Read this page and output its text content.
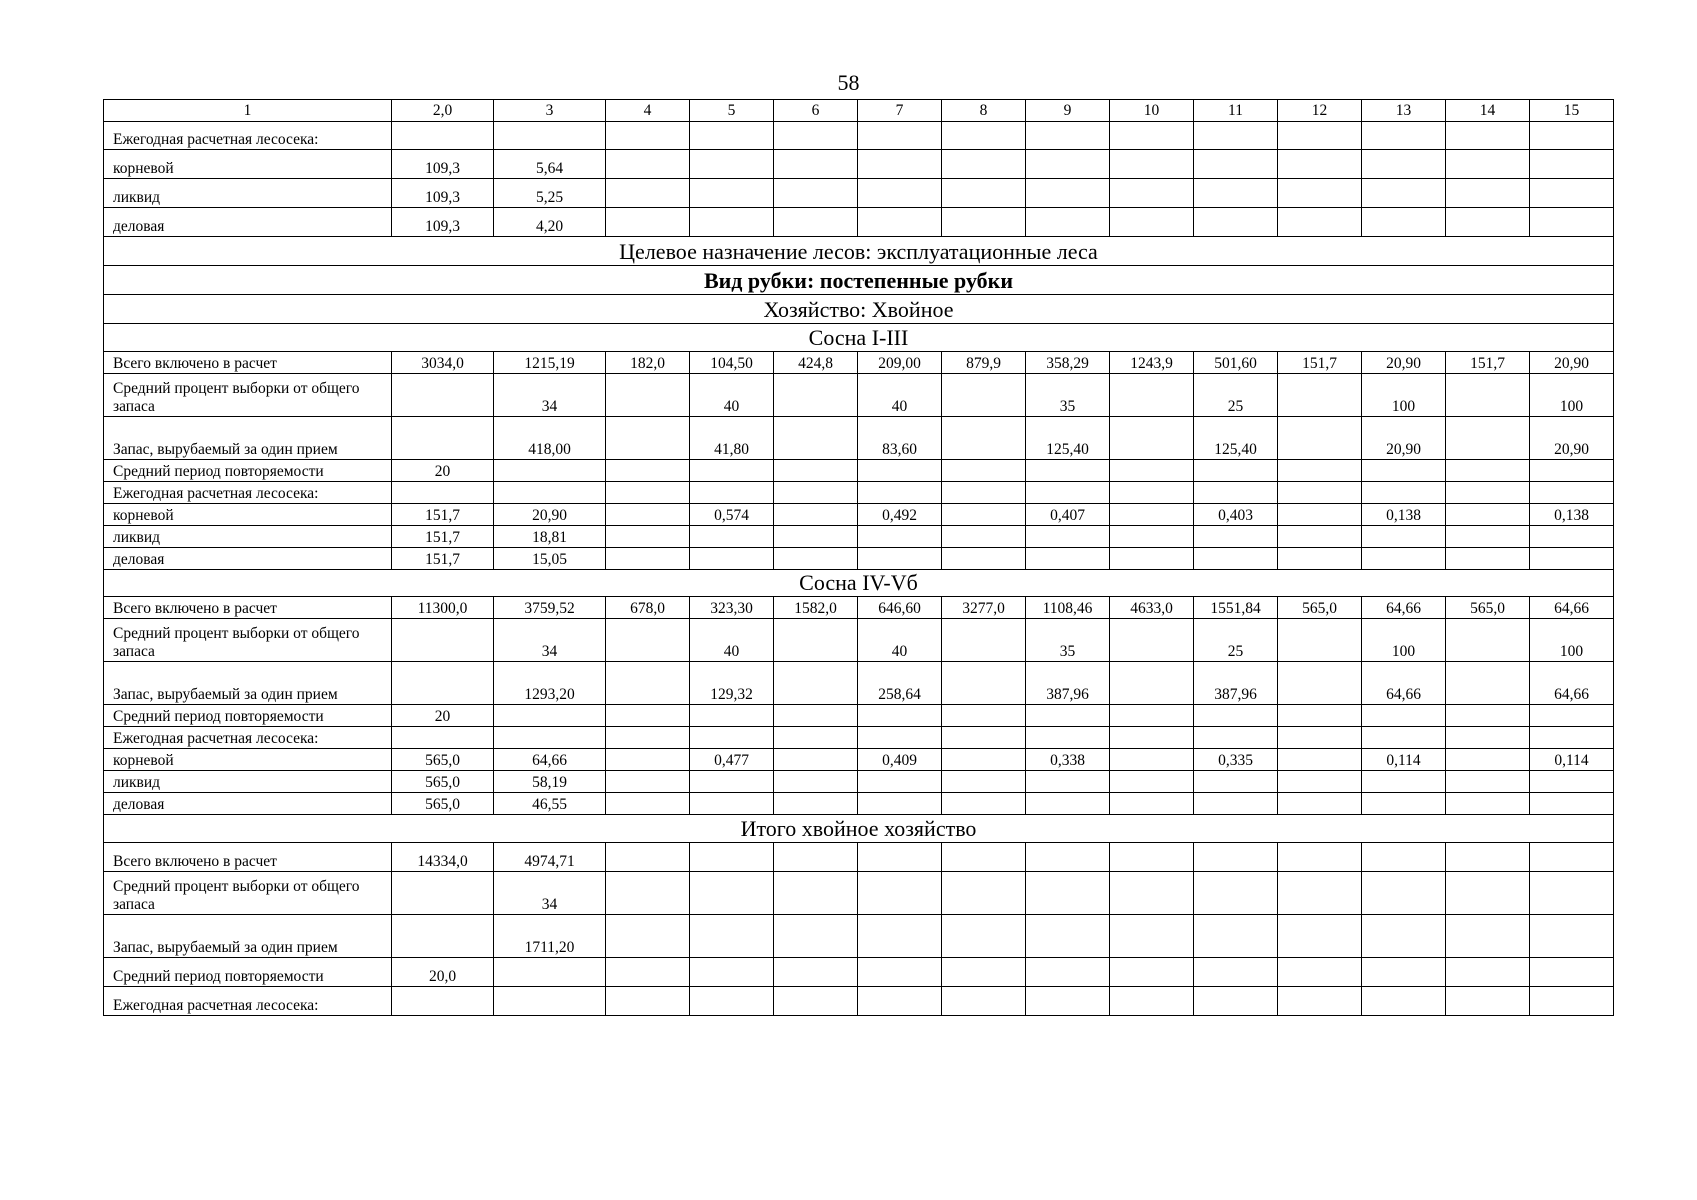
58
1	2,0	3	4	5	6	7	8	9	10	11	12	13	14	15
Ежегодная расчетная лесосека:														
корневой	109,3	5,64												
ликвид	109,3	5,25												
деловая	109,3	4,20												
Целевое назначение лесов: эксплуатационные леса														
Вид рубки: постепенные рубки														
Хозяйство: Хвойное														
Сосна I-III														
Всего включено в расчет	3034,0	1215,19	182,0	104,50	424,8	209,00	879,9	358,29	1243,9	501,60	151,7	20,90	151,7	20,90
Средний процент выборки от общего запаса		34		40		40		35		25		100		100
Запас, вырубаемый за один прием		418,00		41,80		83,60		125,40		125,40		20,90		20,90
Средний период повторяемости	20													
Ежегодная расчетная лесосека:														
корневой	151,7	20,90		0,574		0,492		0,407		0,403		0,138		0,138
ликвид	151,7	18,81												
деловая	151,7	15,05												
Сосна IV-Vб														
Всего включено в расчет	11300,0	3759,52	678,0	323,30	1582,0	646,60	3277,0	1108,46	4633,0	1551,84	565,0	64,66	565,0	64,66
Средний процент выборки от общего запаса		34		40		40		35		25		100		100
Запас, вырубаемый за один прием		1293,20		129,32		258,64		387,96		387,96		64,66		64,66
Средний период повторяемости	20													
Ежегодная расчетная лесосека:														
корневой	565,0	64,66		0,477		0,409		0,338		0,335		0,114		0,114
ликвид	565,0	58,19												
деловая	565,0	46,55												
Итого хвойное хозяйство														
Всего включено в расчет	14334,0	4974,71												
Средний процент выборки от общего запаса		34												
Запас, вырубаемый за один прием		1711,20												
Средний период повторяемости	20,0													
Ежегодная расчетная лесосека:														
